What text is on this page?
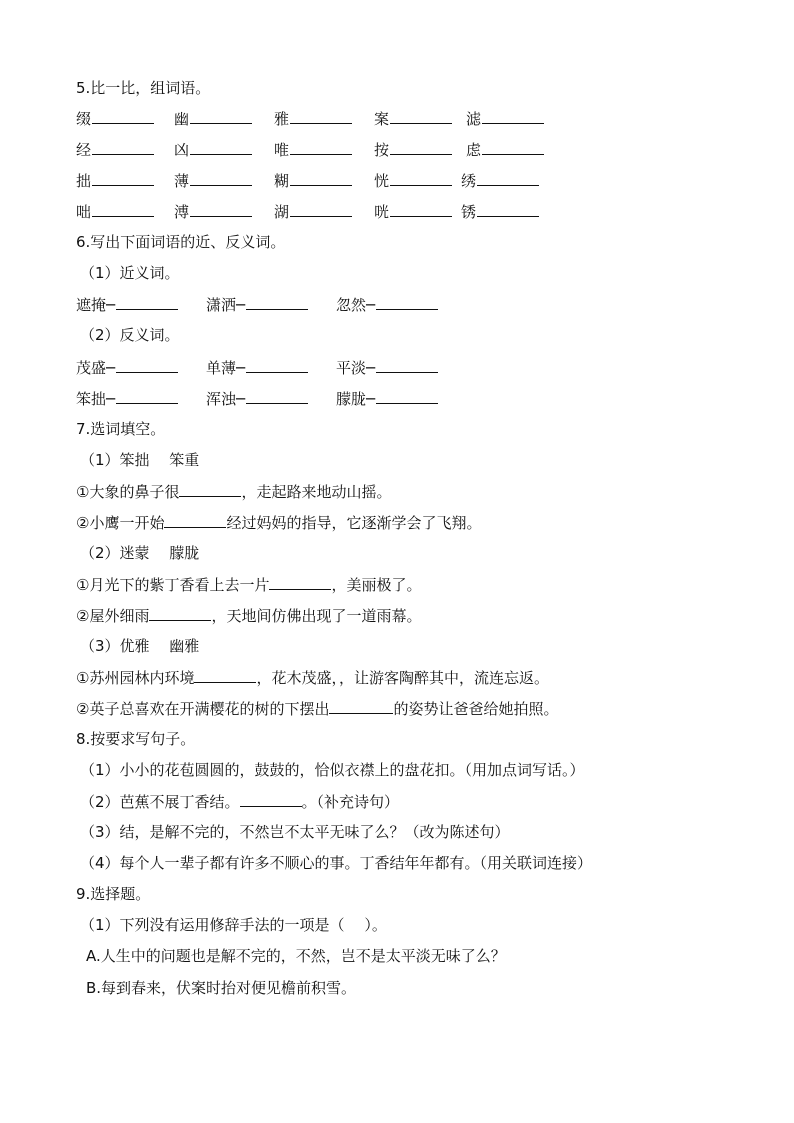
5.比一比，组词语。
缀	幽	雅	案	滤
经	凶	唯	按	虑
拙	薄	糊	恍	绣
咄	溥	湖	咣	锈
6.写出下面词语的近、反义词。
（1）近义词。
遮掩─	潇洒─	忽然─
（2）反义词。
茂盛─	单薄─	平淡─
笨拙─	浑浊─	朦胧─
7.选词填空。
（1）笨拙　 笨重
①大象的鼻子很	，走起路来地动山摇。
②小鹰一开始	经过妈妈的指导，它逐渐学会了飞翔。
（2）迷蒙　 朦胧
①月光下的紫丁香看上去一片	，美丽极了。
②屋外细雨	，天地间仿佛出现了一道雨幕。
（3）优雅　 幽雅
①苏州园林内环境	，花木茂盛，，让游客陶醉其中，流连忘返。
②英子总喜欢在开满樱花的树的下摆出	的姿势让爸爸给她拍照。
8.按要求写句子。
（1）小小的花苞圆圆的，鼓鼓的，恰似衣襟上的盘花扣。（用加点词写话。）
（2）芭蕉不展丁香结。	。（补充诗句）
（3）结，是解不完的，不然岂不太平无味了么？（改为陈述句）
（4）每个人一辈子都有许多不顺心的事。丁香结年年都有。（用关联词连接）
9.选择题。
（1）下列没有运用修辞手法的一项是（　 ）。
A.人生中的问题也是解不完的，不然，岂不是太平淡无味了么？
B.每到春来，伏案时抬对便见檐前积雪。
